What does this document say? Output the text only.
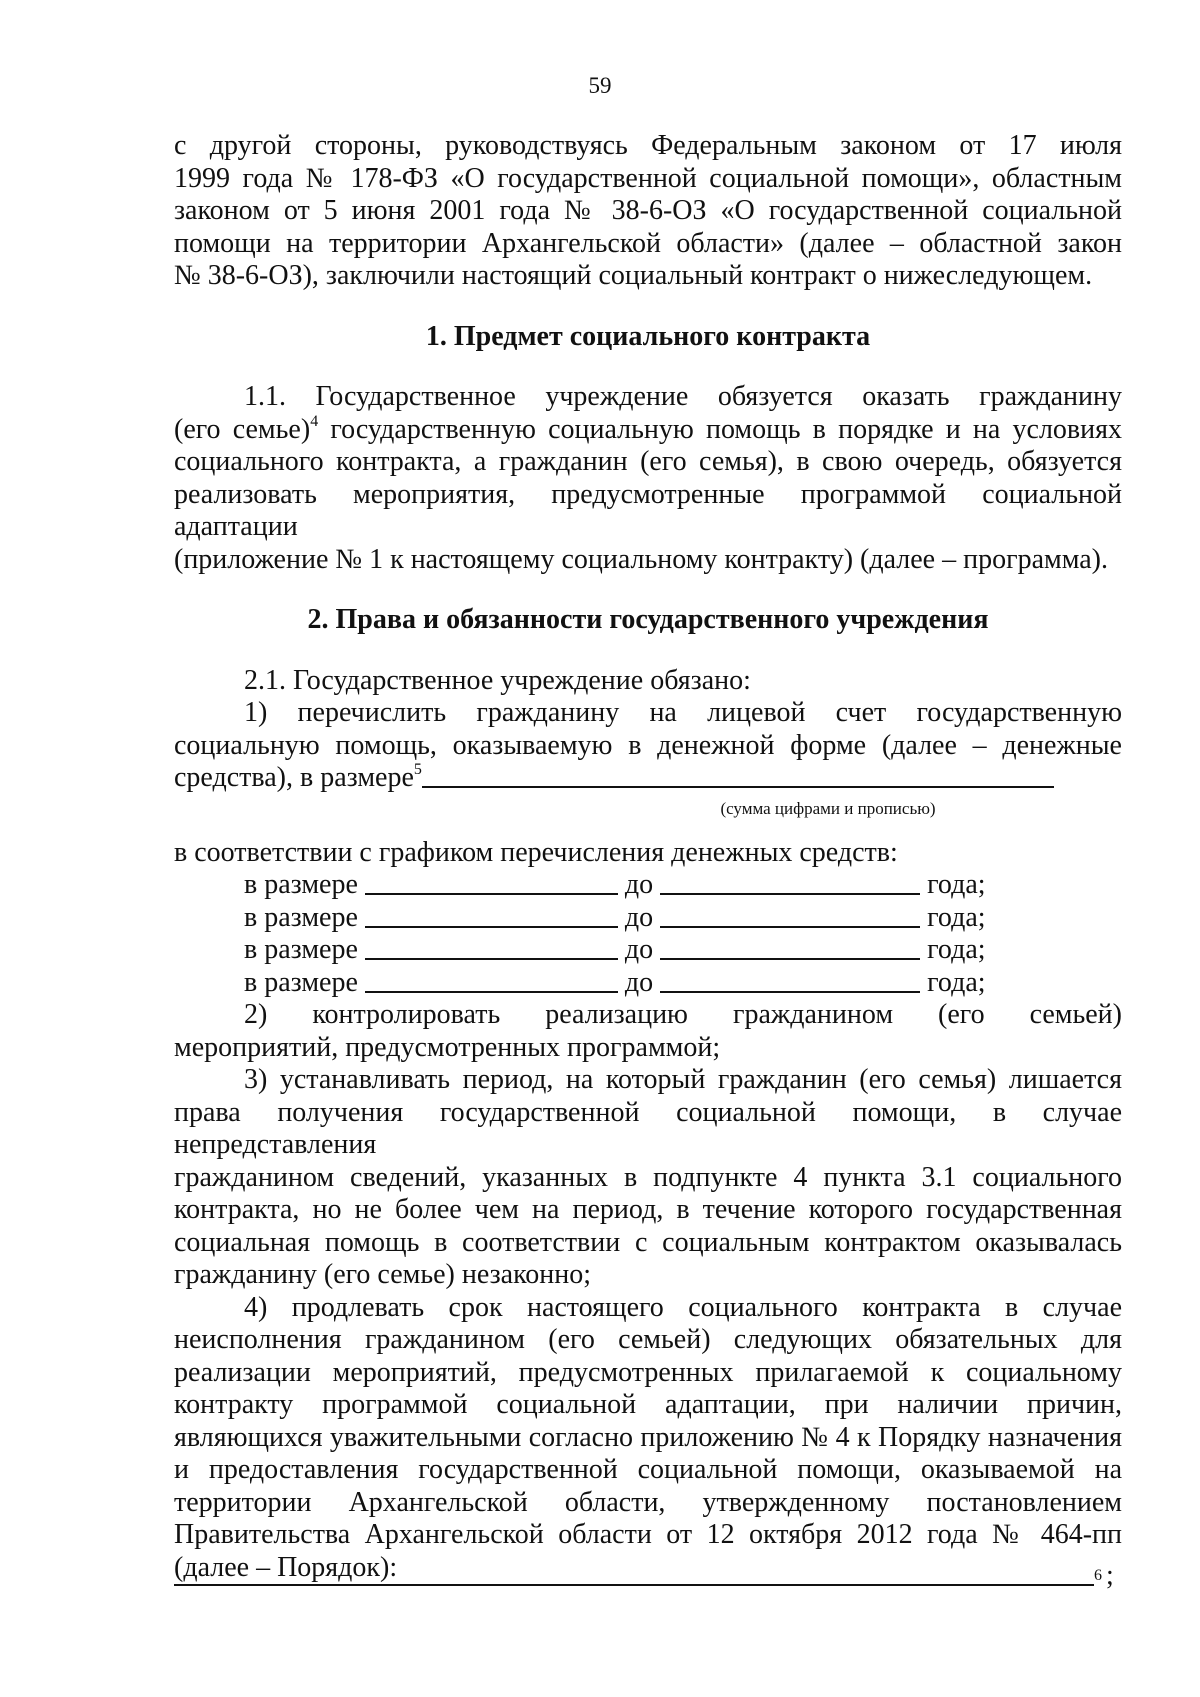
59

с другой стороны, руководствуясь Федеральным законом от 17 июля

1999 года № 178-ФЗ «О государственной социальной помощи», областным

законом от 5 июня 2001 года № 38-6-ОЗ «О государственной социальной

помощи на территории Архангельской области» (далее – областной закон

№ 38-6-ОЗ), заключили настоящий социальный контракт о нижеследующем.

1. Предмет социального контракта

1.1. Государственное учреждение обязуется оказать гражданину

(его семье)$^4$ государственную социальную помощь в порядке и на условиях

социального контракта, а гражданин (его семья), в свою очередь, обязуется

реализовать мероприятия, предусмотренные программой социальной адаптации

(приложение № 1 к настоящему социальному контракту) (далее – программа).

2. Права и обязанности государственного учреждения

2.1. Государственное учреждение обязано:

1) перечислить гражданину на лицевой счет государственную

социальную помощь, оказываемую в денежной форме (далее – денежные

средства), в размере$^5$

(сумма цифрами и прописью)

в соответствии с графиком перечисления денежных средств:

в размере	до	года;
в размере	до	года;
в размере	до	года;
в размере	до	года;

2) контролировать реализацию гражданином (его семьей)

мероприятий, предусмотренных программой;

3) устанавливать период, на который гражданин (его семья) лишается

права получения государственной социальной помощи, в случае непредставления

гражданином сведений, указанных в подпункте 4 пункта 3.1 социального

контракта, но не более чем на период, в течение которого государственная

социальная помощь в соответствии с социальным контрактом оказывалась

гражданину (его семье) незаконно;

4) продлевать срок настоящего социального контракта в случае

неисполнения гражданином (его семьей) следующих обязательных для

реализации мероприятий, предусмотренных прилагаемой к социальному

контракту программой социальной адаптации, при наличии причин,

являющихся уважительными согласно приложению № 4 к Порядку назначения

и предоставления государственной социальной помощи, оказываемой на

территории Архангельской области, утвержденному постановлением

Правительства Архангельской области от 12 октября 2012 года № 464-пп

(далее – Порядок):	6 ;
